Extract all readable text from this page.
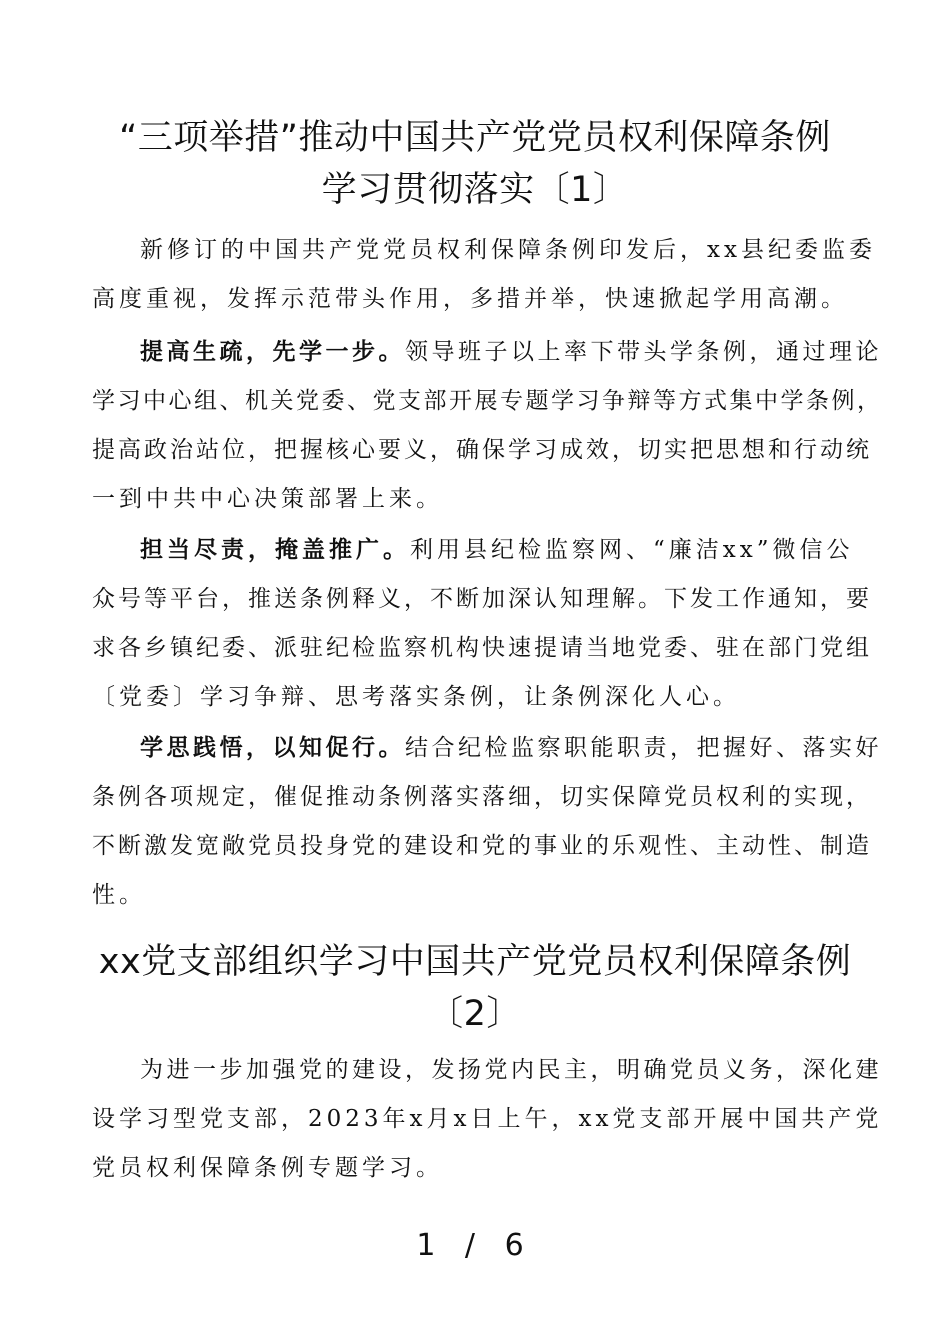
“三项举措”推动中国共产党党员权利保障条例
学习贯彻落实〔1〕
新修订的中国共产党党员权利保障条例印发后，xx县纪委监委
高度重视，发挥示范带头作用，多措并举，快速掀起学用高潮。
提高生疏，先学一步。领导班子以上率下带头学条例，通过理论
学习中心组、机关党委、党支部开展专题学习争辩等方式集中学条例，
提高政治站位，把握核心要义，确保学习成效，切实把思想和行动统
一到中共中心决策部署上来。
担当尽责，掩盖推广。利用县纪检监察网、“廉洁xx”微信公
众号等平台，推送条例释义，不断加深认知理解。下发工作通知，要
求各乡镇纪委、派驻纪检监察机构快速提请当地党委、驻在部门党组
〔党委〕学习争辩、思考落实条例，让条例深化人心。
学思践悟，以知促行。结合纪检监察职能职责，把握好、落实好
条例各项规定，催促推动条例落实落细，切实保障党员权利的实现，
不断激发宽敞党员投身党的建设和党的事业的乐观性、主动性、制造
性。
xx党支部组织学习中国共产党党员权利保障条例
〔2〕
为进一步加强党的建设，发扬党内民主，明确党员义务，深化建
设学习型党支部，2023年x月x日上午，xx党支部开展中国共产党
党员权利保障条例专题学习。
1 / 6
